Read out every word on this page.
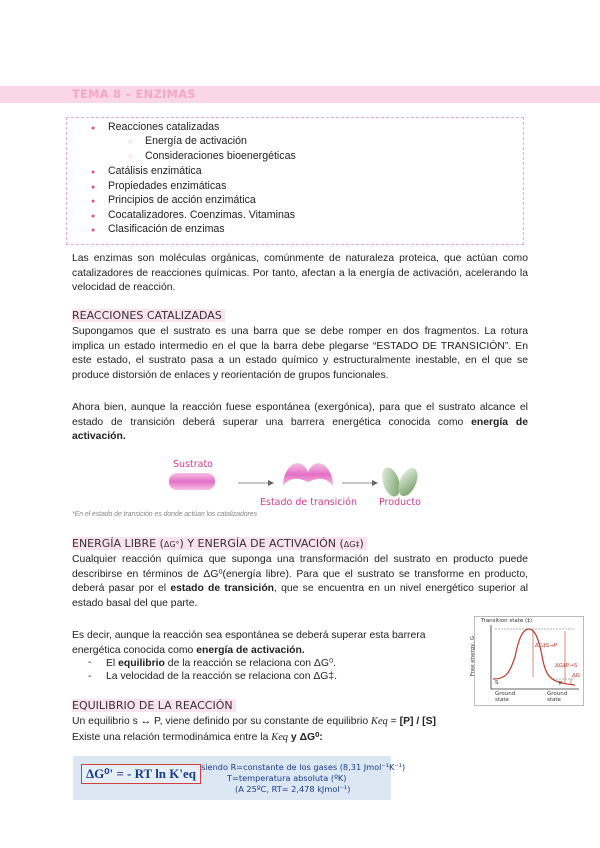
TEMA 8 – ENZIMAS
● Reacciones catalizadas
○ Energía de activación
○ Consideraciones bioenergéticas
● Catálisis enzimática
● Propiedades enzimáticas
● Principios de acción enzimática
● Cocatalizadores. Coenzimas. Vitaminas
● Clasificación de enzimas
Las enzimas son moléculas orgánicas, comúnmente de naturaleza proteica, que actúan como catalizadores de reacciones químicas. Por tanto, afectan a la energía de activación, acelerando la velocidad de reacción.
REACCIONES CATALIZADAS
Supongamos que el sustrato es una barra que se debe romper en dos fragmentos. La rotura implica un estado intermedio en el que la barra debe plegarse “ESTADO DE TRANSICIÓN”. En este estado, el sustrato pasa a un estado químico y estructuralmente inestable, en el que se produce distorsión de enlaces y reorientación de grupos funcionales.
Ahora bien, aunque la reacción fuese espontánea (exergónica), para que el sustrato alcance el estado de transición deberá superar una barrera energética conocida como energía de activación.
Sustrato
Estado de transición Producto
*En el estado de transición es donde actúan los catalizadores
ENERGÍA LIBRE (ΔG°) Y ENERGÍA DE ACTIVACIÓN (ΔG‡)
Cualquier reacción química que suponga una transformación del sustrato en producto puede describirse en términos de ΔG⁰(energía libre). Para que el sustrato se transforme en producto, deberá pasar por el estado de transición, que se encuentra en un nivel energético superior al estado basal del que parte.
Es decir, aunque la reacción sea espontánea se deberá superar esta barrera energética conocida como energía de activación.
- El equilibrio de la reacción se relaciona con ΔG⁰.
- La velocidad de la reacción se relaciona con ΔG‡.
Transition state (‡)
Free energy, G	ΔG‡S→P
ΔG‡P→S
ΔG
S
Ground state
Ground state
P
EQUILIBRIO DE LA REACCIÓN
Un equilibrio s ↔ P, viene definido por su constante de equilibrio Keq = [P] / [S]
Existe una relación termodinámica entre la Keq y ΔG⁰:
ΔG⁰' = - RT ln K'eq siendo R=constante de los gases (8,31 Jmol⁻¹K⁻¹)
T=temperatura absoluta (ºK)
(A 25ºC, RT= 2,478 kJmol⁻¹)
